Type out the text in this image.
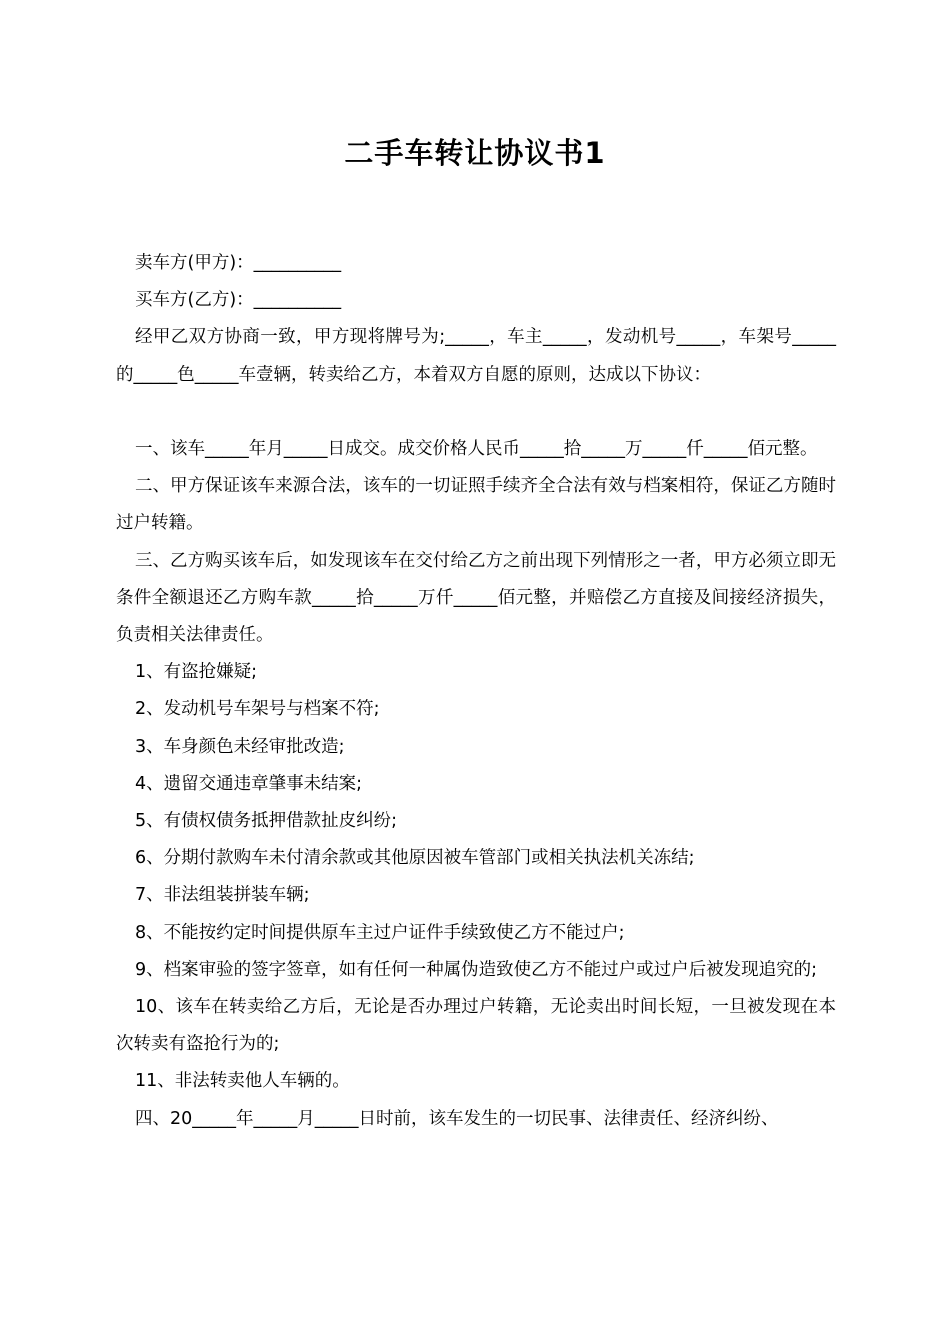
二手车转让协议书1

卖车方(甲方)：__________

买车方(乙方)：__________

经甲乙双方协商一致，甲方现将牌号为;_____，车主_____，发动机号_____，车架号_____的_____色_____车壹辆，转卖给乙方，本着双方自愿的原则，达成以下协议：

一、该车_____年月_____日成交。成交价格人民币_____拾_____万_____仟_____佰元整。

二、甲方保证该车来源合法，该车的一切证照手续齐全合法有效与档案相符，保证乙方随时过户转籍。

三、乙方购买该车后，如发现该车在交付给乙方之前出现下列情形之一者，甲方必须立即无条件全额退还乙方购车款_____拾_____万仟_____佰元整，并赔偿乙方直接及间接经济损失，负责相关法律责任。

1、有盗抢嫌疑;

2、发动机号车架号与档案不符;

3、车身颜色未经审批改造;

4、遗留交通违章肇事未结案;

5、有债权债务抵押借款扯皮纠纷;

6、分期付款购车未付清余款或其他原因被车管部门或相关执法机关冻结;

7、非法组装拼装车辆;

8、不能按约定时间提供原车主过户证件手续致使乙方不能过户;

9、档案审验的签字签章，如有任何一种属伪造致使乙方不能过户或过户后被发现追究的;

10、该车在转卖给乙方后，无论是否办理过户转籍，无论卖出时间长短，一旦被发现在本次转卖有盗抢行为的;

11、非法转卖他人车辆的。

四、20_____年_____月_____日时前，该车发生的一切民事、法律责任、经济纠纷、
